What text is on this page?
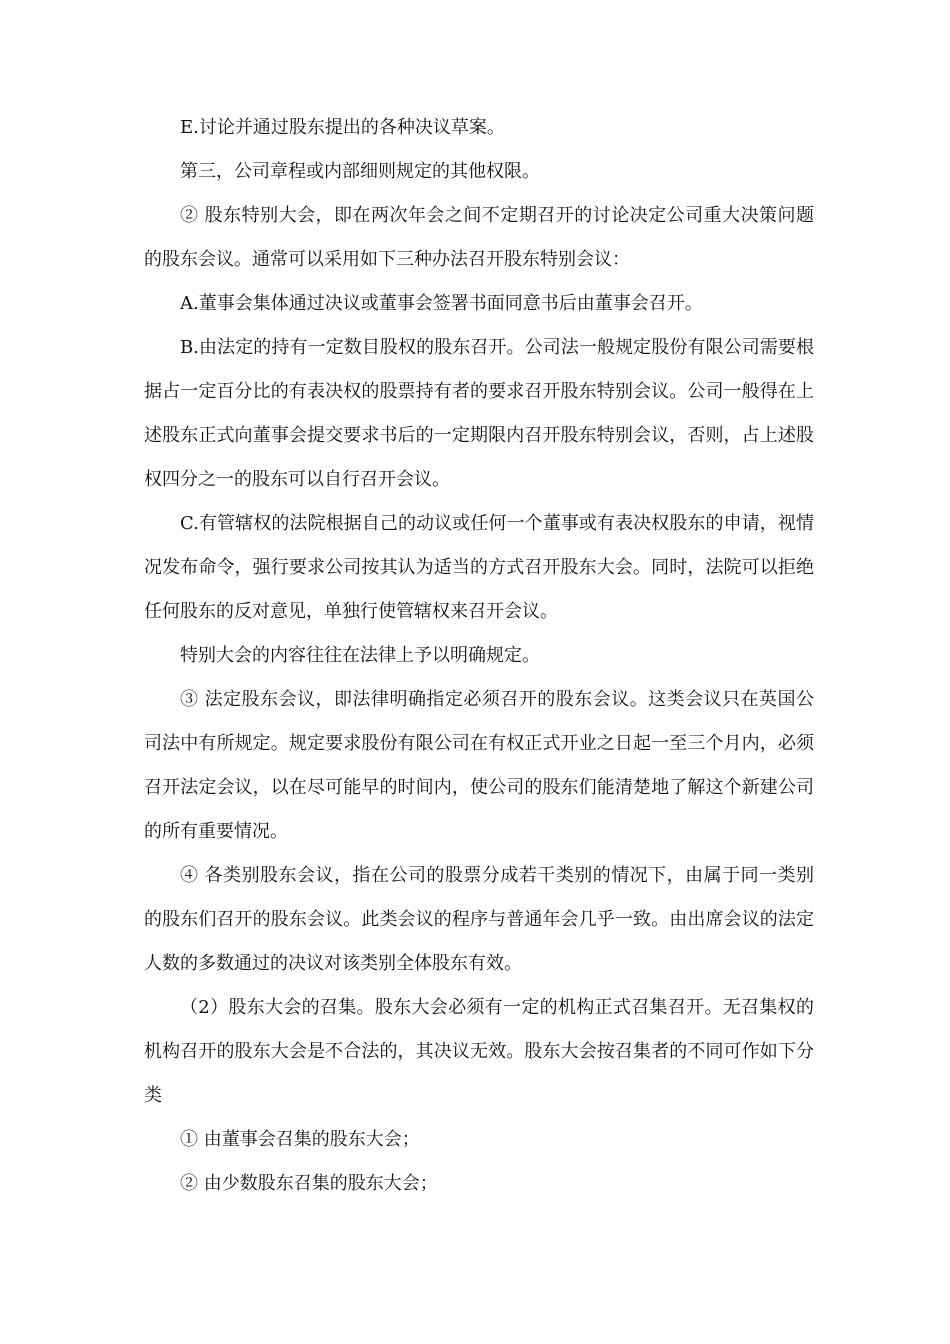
E.讨论并通过股东提出的各种决议草案。

第三，公司章程或内部细则规定的其他权限。

② 股东特别大会，即在两次年会之间不定期召开的讨论决定公司重大决策问题的股东会议。通常可以采用如下三种办法召开股东特别会议：

A.董事会集体通过决议或董事会签署书面同意书后由董事会召开。

B.由法定的持有一定数目股权的股东召开。公司法一般规定股份有限公司需要根据占一定百分比的有表决权的股票持有者的要求召开股东特别会议。公司一般得在上述股东正式向董事会提交要求书后的一定期限内召开股东特别会议，否则，占上述股权四分之一的股东可以自行召开会议。

C.有管辖权的法院根据自己的动议或任何一个董事或有表决权股东的申请，视情况发布命令，强行要求公司按其认为适当的方式召开股东大会。同时，法院可以拒绝任何股东的反对意见，单独行使管辖权来召开会议。

特别大会的内容往往在法律上予以明确规定。

③ 法定股东会议，即法律明确指定必须召开的股东会议。这类会议只在英国公司法中有所规定。规定要求股份有限公司在有权正式开业之日起一至三个月内，必须召开法定会议，以在尽可能早的时间内，使公司的股东们能清楚地了解这个新建公司的所有重要情况。

④ 各类别股东会议，指在公司的股票分成若干类别的情况下，由属于同一类别的股东们召开的股东会议。此类会议的程序与普通年会几乎一致。由出席会议的法定人数的多数通过的决议对该类别全体股东有效。

（2）股东大会的召集。股东大会必须有一定的机构正式召集召开。无召集权的机构召开的股东大会是不合法的，其决议无效。股东大会按召集者的不同可作如下分类

① 由董事会召集的股东大会；

② 由少数股东召集的股东大会；
